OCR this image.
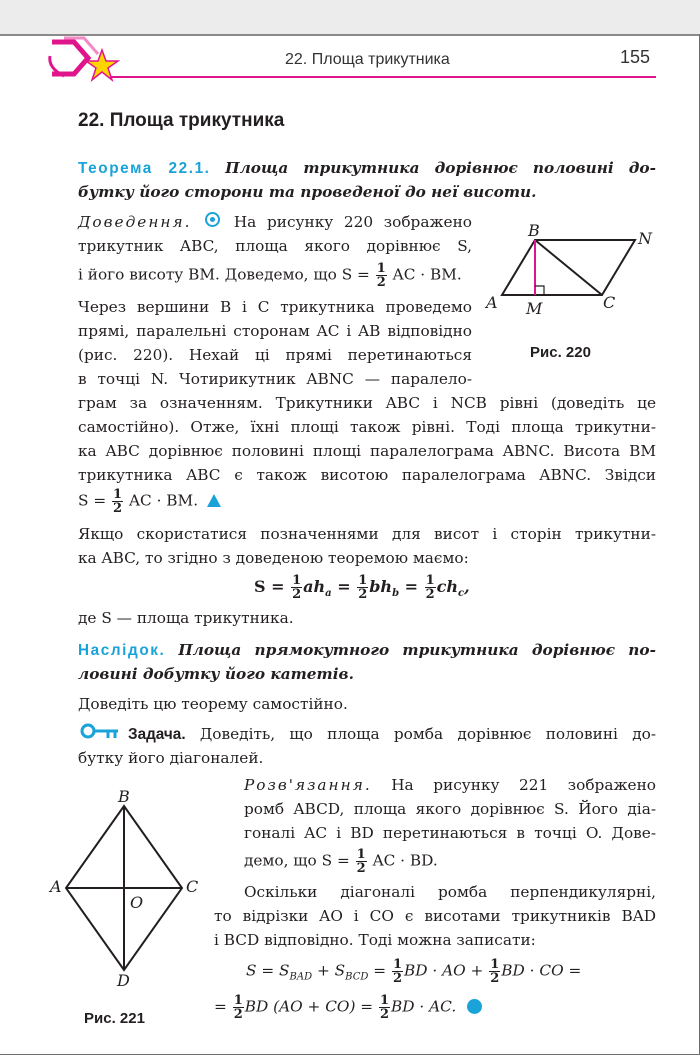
22. Площа трикутника	155
22. Площа трикутника
Теорема 22.1. Площа трикутника дорівнює половині до-
бутку його сторони та проведеної до неї висоти.
Доведення.	На рисунку 220 зображено
трикутник ABC, площа якого дорівнює S,
і його висоту BM. Доведемо, що $S = \frac{1}{2}$ AC · BM.
Через вершини B і C трикутника проведемо
прямі, паралельні сторонам AC і AB відповідно
(рис. 220). Нехай ці прямі перетинаються
в точці N. Чотирикутник ABNC — паралело-
грам за означенням. Трикутники ABC і NCB рівні (доведіть це
самостійно). Отже, їхні площі також рівні. Тоді площа трикутни-
ка ABC дорівнює половині площі паралелограма ABNC. Висота BM
трикутника ABC є також висотою паралелограма ABNC. Звідси
$S = \frac{1}{2}$ AC · BM.
B	N
A M	C
Рис. 220
Якщо скористатися позначеннями для висот і сторін трикутни-
ка ABC, то згідно з доведеною теоремою маємо:
$S = \frac{1}{2} ah_a = \frac{1}{2} bh_b = \frac{1}{2} ch_c$,
де S — площа трикутника.
Наслідок. Площа прямокутного трикутника дорівнює по-
ловині добутку його катетів.
Доведіть цю теорему самостійно.
Задача. Доведіть, що площа ромба дорівнює половині до-
бутку його діагоналей.
B
A	C
O
D
Рис. 221
Розв'язання. На рисунку 221 зображено
ромб ABCD, площа якого дорівнює S. Його діа-
гоналі AC і BD перетинаються в точці O. Дове-
демо, що $S = \frac{1}{2}$ AC · BD.
Оскільки діагоналі ромба перпендикулярні,
то відрізки AO і CO є висотами трикутників BAD
і BCD відповідно. Тоді можна записати:
$S = S_{BAD} + S_{BCD} = \frac{1}{2}$ BD · AO + $\frac{1}{2}$ BD · CO =
= $\frac{1}{2}$ BD $(AO + CO) = \frac{1}{2}$ BD · AC.
